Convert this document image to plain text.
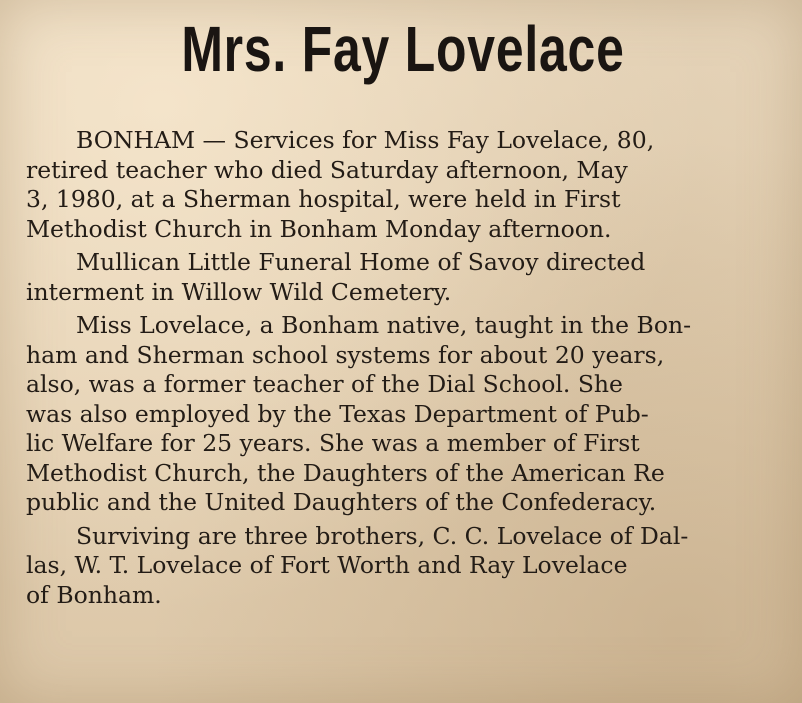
Mrs. Fay Lovelace
BONHAM — Services for Miss Fay Lovelace, 80,
retired teacher who died Saturday afternoon, May
3, 1980, at a Sherman hospital, were held in First
Methodist Church in Bonham Monday afternoon.
Mullican Little Funeral Home of Savoy directed
interment in Willow Wild Cemetery.
Miss Lovelace, a Bonham native, taught in the Bon-
ham and Sherman school systems for about 20 years,
also, was a former teacher of the Dial School. She
was also employed by the Texas Department of Pub-
lic Welfare for 25 years. She was a member of First
Methodist Church, the Daughters of the American Re
public and the United Daughters of the Confederacy.
Surviving are three brothers, C. C. Lovelace of Dal-
las, W. T. Lovelace of Fort Worth and Ray Lovelace
of Bonham.
